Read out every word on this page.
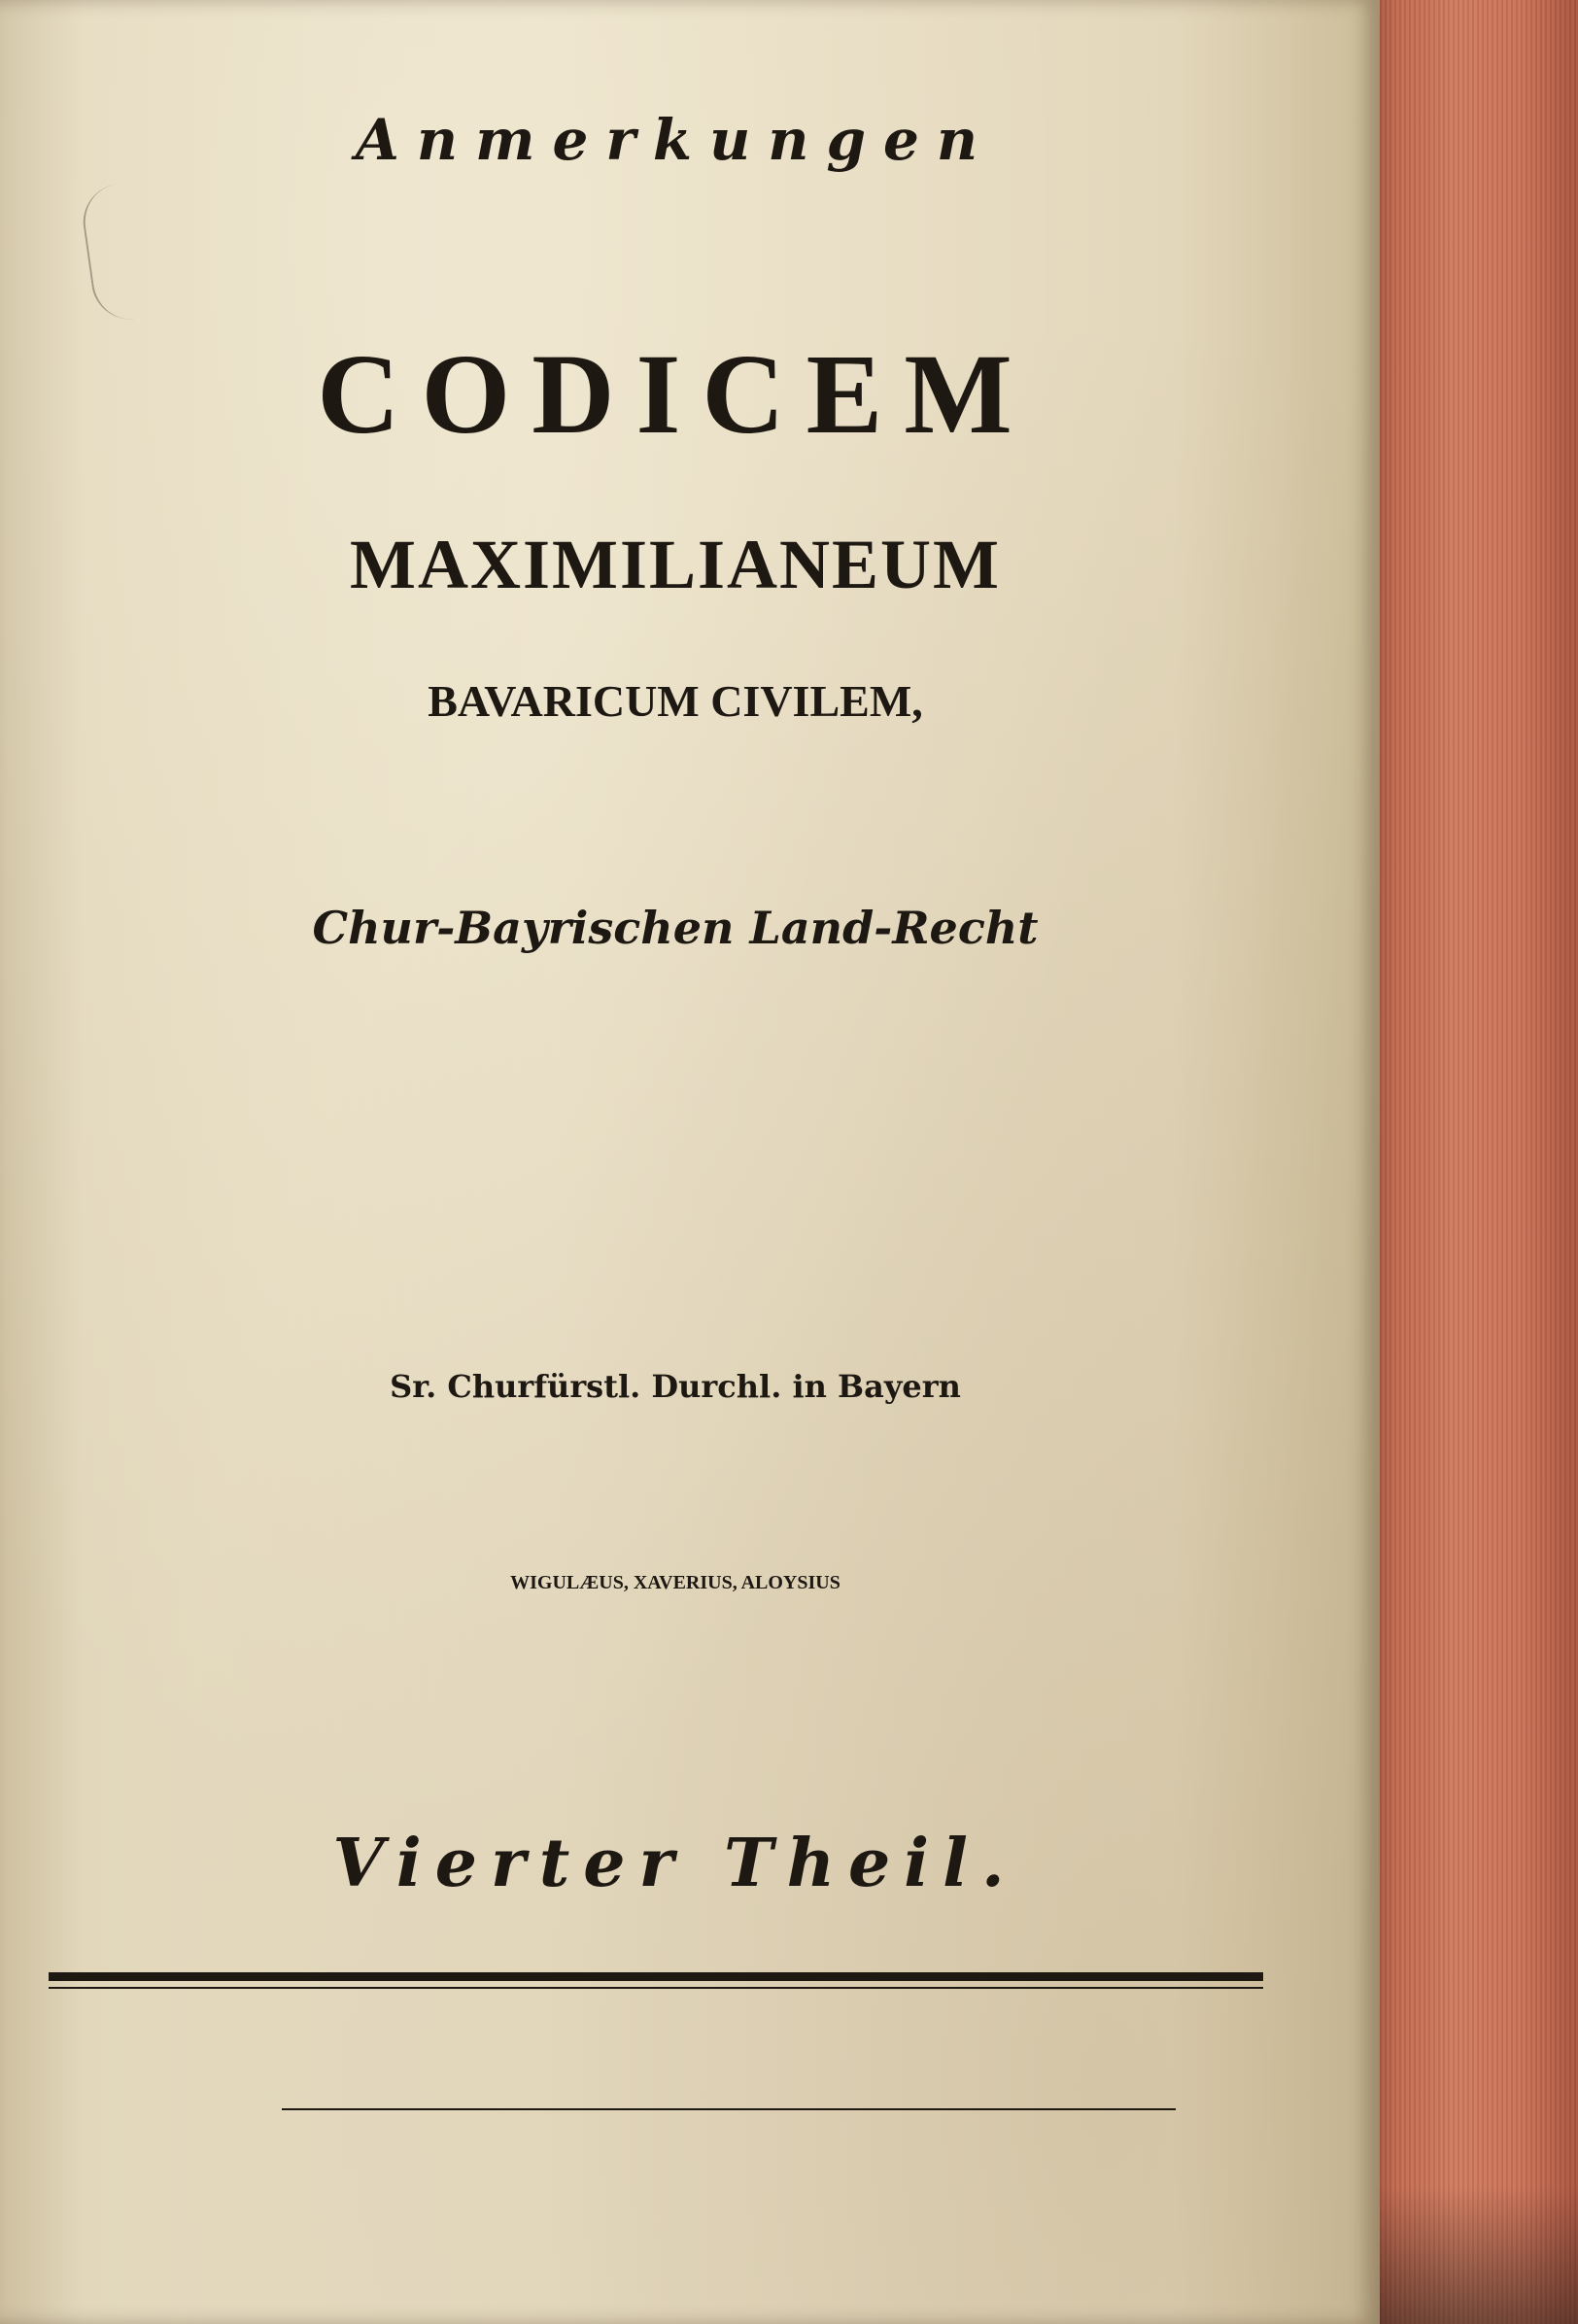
Anmerkungen
CODICEM
MAXIMILIANEUM
BAVARICUM CIVILEM,
Chur-Bayrischen Land-Recht
Sr. Churfürstl. Durchl. in Bayern
WIGULÆUS, XAVERIUS, ALOYSIUS
Vierter Theil.
